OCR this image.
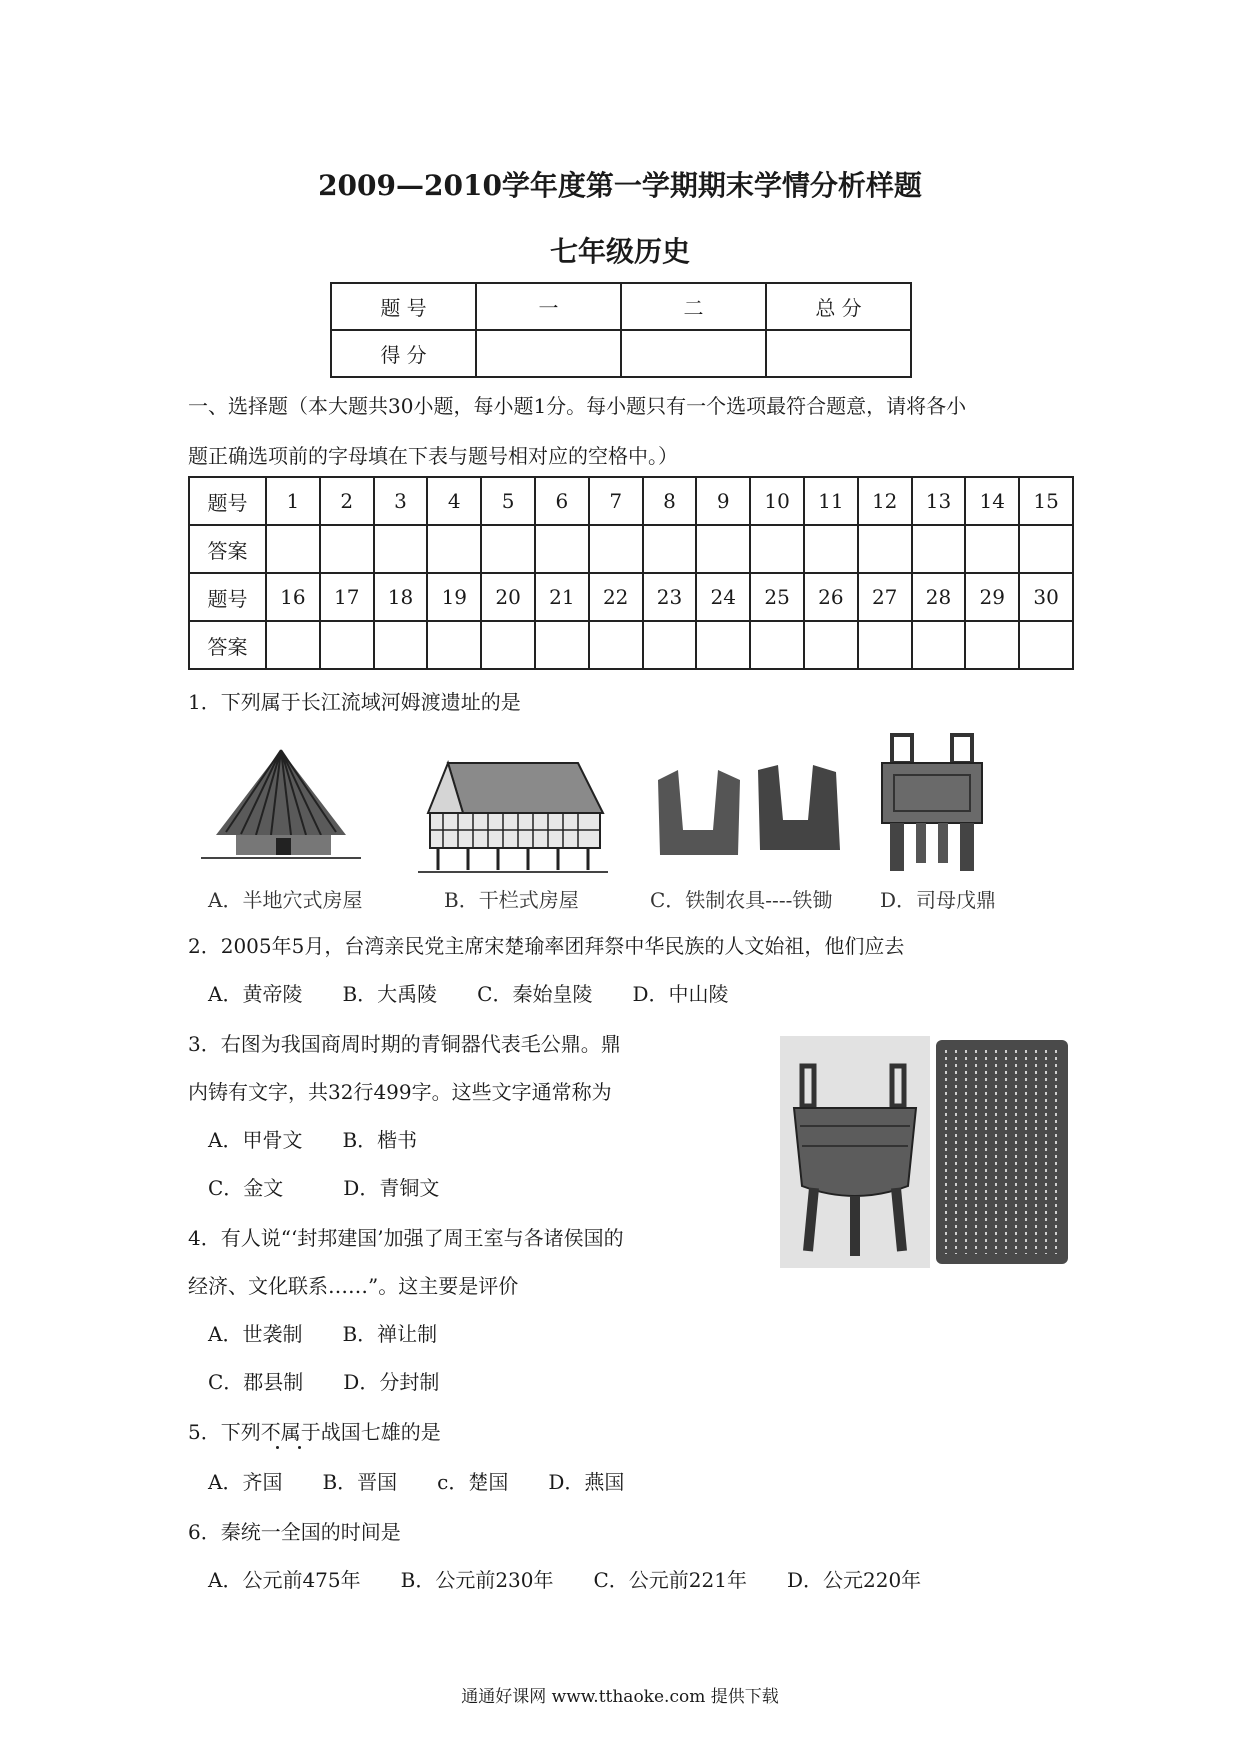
2009—2010学年度第一学期期末学情分析样题
七年级历史
题 号	一	二	总 分
得 分			
一、选择题（本大题共30小题，每小题1分。每小题只有一个选项最符合题意，请将各小
题正确选项前的字母填在下表与题号相对应的空格中。）
题号	1	2	3	4	5	6	7	8	9	10	11	12	13	14	15
答案															
题号	16	17	18	19	20	21	22	23	24	25	26	27	28	29	30
答案															
1．下列属于长江流域河姆渡遗址的是
A．半地穴式房屋	B．干栏式房屋	C．铁制农具----铁锄 D．司母戊鼎
2．2005年5月，台湾亲民党主席宋楚瑜率团拜祭中华民族的人文始祖，他们应去
A．黄帝陵　　B．大禹陵　　C．秦始皇陵　　D．中山陵
3．右图为我国商周时期的青铜器代表毛公鼎。鼎
内铸有文字，共32行499字。这些文字通常称为
A．甲骨文　　B．楷书
C．金文　　　D．青铜文
4．有人说“‘封邦建国’加强了周王室与各诸侯国的
经济、文化联系……”。这主要是评价
A．世袭制　　B．禅让制
C．郡县制　　D．分封制
5．下列不属于战国七雄的是
A．齐国　　B．晋国　　c．楚国　　D．燕国
6．秦统一全国的时间是
A．公元前475年　　B．公元前230年　　C．公元前221年　　D．公元220年
通通好课网 www.tthaoke.com 提供下载
